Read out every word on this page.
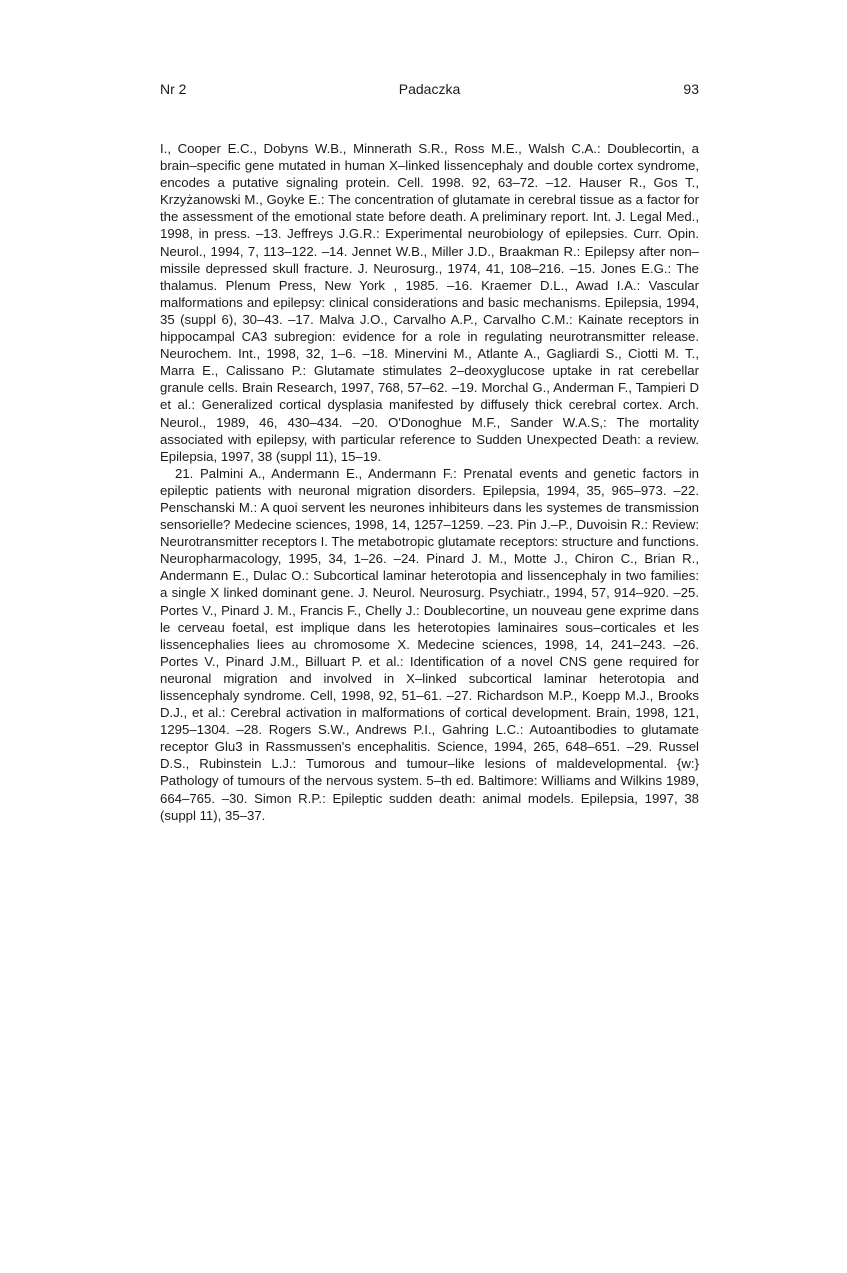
Nr 2	Padaczka	93

I., Cooper E.C., Dobyns W.B., Minnerath S.R., Ross M.E., Walsh C.A.: Doublecortin, a brain–specific gene mutated in human X–linked lissencephaly and double cortex syndrome, encodes a putative signaling protein. Cell. 1998. 92, 63–72. –12. Hauser R., Gos T., Krzyżanowski M., Goyke E.: The concentration of glutamate in cerebral tissue as a factor for the assessment of the emotional state before death. A preliminary report. Int. J. Legal Med., 1998, in press. –13. Jeffreys J.G.R.: Experimental neurobiology of epilepsies. Curr. Opin. Neurol., 1994, 7, 113–122. –14. Jennet W.B., Miller J.D., Braakman R.: Epilepsy after non–missile depressed skull fracture. J. Neurosurg., 1974, 41, 108–216. –15. Jones E.G.: The thalamus. Plenum Press, New York , 1985. –16. Kraemer D.L., Awad I.A.: Vascular malformations and epilepsy: clinical considerations and basic mechanisms. Epilepsia, 1994, 35 (suppl 6), 30–43. –17. Malva J.O., Carvalho A.P., Carvalho C.M.: Kainate receptors in hippocampal CA3 subregion: evidence for a role in regulating neurotransmitter release. Neurochem. Int., 1998, 32, 1–6. –18. Minervini M., Atlante A., Gagliardi S., Ciotti M. T., Marra E., Calissano P.: Glutamate stimulates 2–deoxyglucose uptake in rat cerebellar granule cells. Brain Research, 1997, 768, 57–62. –19. Morchal G., Anderman F., Tampieri D et al.: Generalized cortical dysplasia manifested by diffusely thick cerebral cortex. Arch. Neurol., 1989, 46, 430–434. –20. O'Donoghue M.F., Sander W.A.S,: The mortality associated with epilepsy, with particular reference to Sudden Unexpected Death: a review. Epilepsia, 1997, 38 (suppl 11), 15–19.

21. Palmini A., Andermann E., Andermann F.: Prenatal events and genetic factors in epileptic patients with neuronal migration disorders. Epilepsia, 1994, 35, 965–973. –22. Penschanski M.: A quoi servent les neurones inhibiteurs dans les systemes de transmission sensorielle? Medecine sciences, 1998, 14, 1257–1259. –23. Pin J.–P., Duvoisin R.: Review: Neurotransmitter receptors I. The metabotropic glutamate receptors: structure and functions. Neuropharmacology, 1995, 34, 1–26. –24. Pinard J. M., Motte J., Chiron C., Brian R., Andermann E., Dulac O.: Subcortical laminar heterotopia and lissencephaly in two families: a single X linked dominant gene. J. Neurol. Neurosurg. Psychiatr., 1994, 57, 914–920. –25. Portes V., Pinard J. M., Francis F., Chelly J.: Doublecortine, un nouveau gene exprime dans le cerveau foetal, est implique dans les heterotopies laminaires sous–corticales et les lissencephalies liees au chromosome X. Medecine sciences, 1998, 14, 241–243. –26. Portes V., Pinard J.M., Billuart P. et al.: Identification of a novel CNS gene required for neuronal migration and involved in X–linked subcortical laminar heterotopia and lissencephaly syndrome. Cell, 1998, 92, 51–61. –27. Richardson M.P., Koepp M.J., Brooks D.J., et al.: Cerebral activation in malformations of cortical development. Brain, 1998, 121, 1295–1304. –28. Rogers S.W., Andrews P.I., Gahring L.C.: Autoantibodies to glutamate receptor Glu3 in Rassmussen's encephalitis. Science, 1994, 265, 648–651. –29. Russel D.S., Rubinstein L.J.: Tumorous and tumour–like lesions of maldevelopmental. {w:} Pathology of tumours of the nervous system. 5–th ed. Baltimore: Williams and Wilkins 1989, 664–765. –30. Simon R.P.: Epileptic sudden death: animal models. Epilepsia, 1997, 38 (suppl 11), 35–37.
